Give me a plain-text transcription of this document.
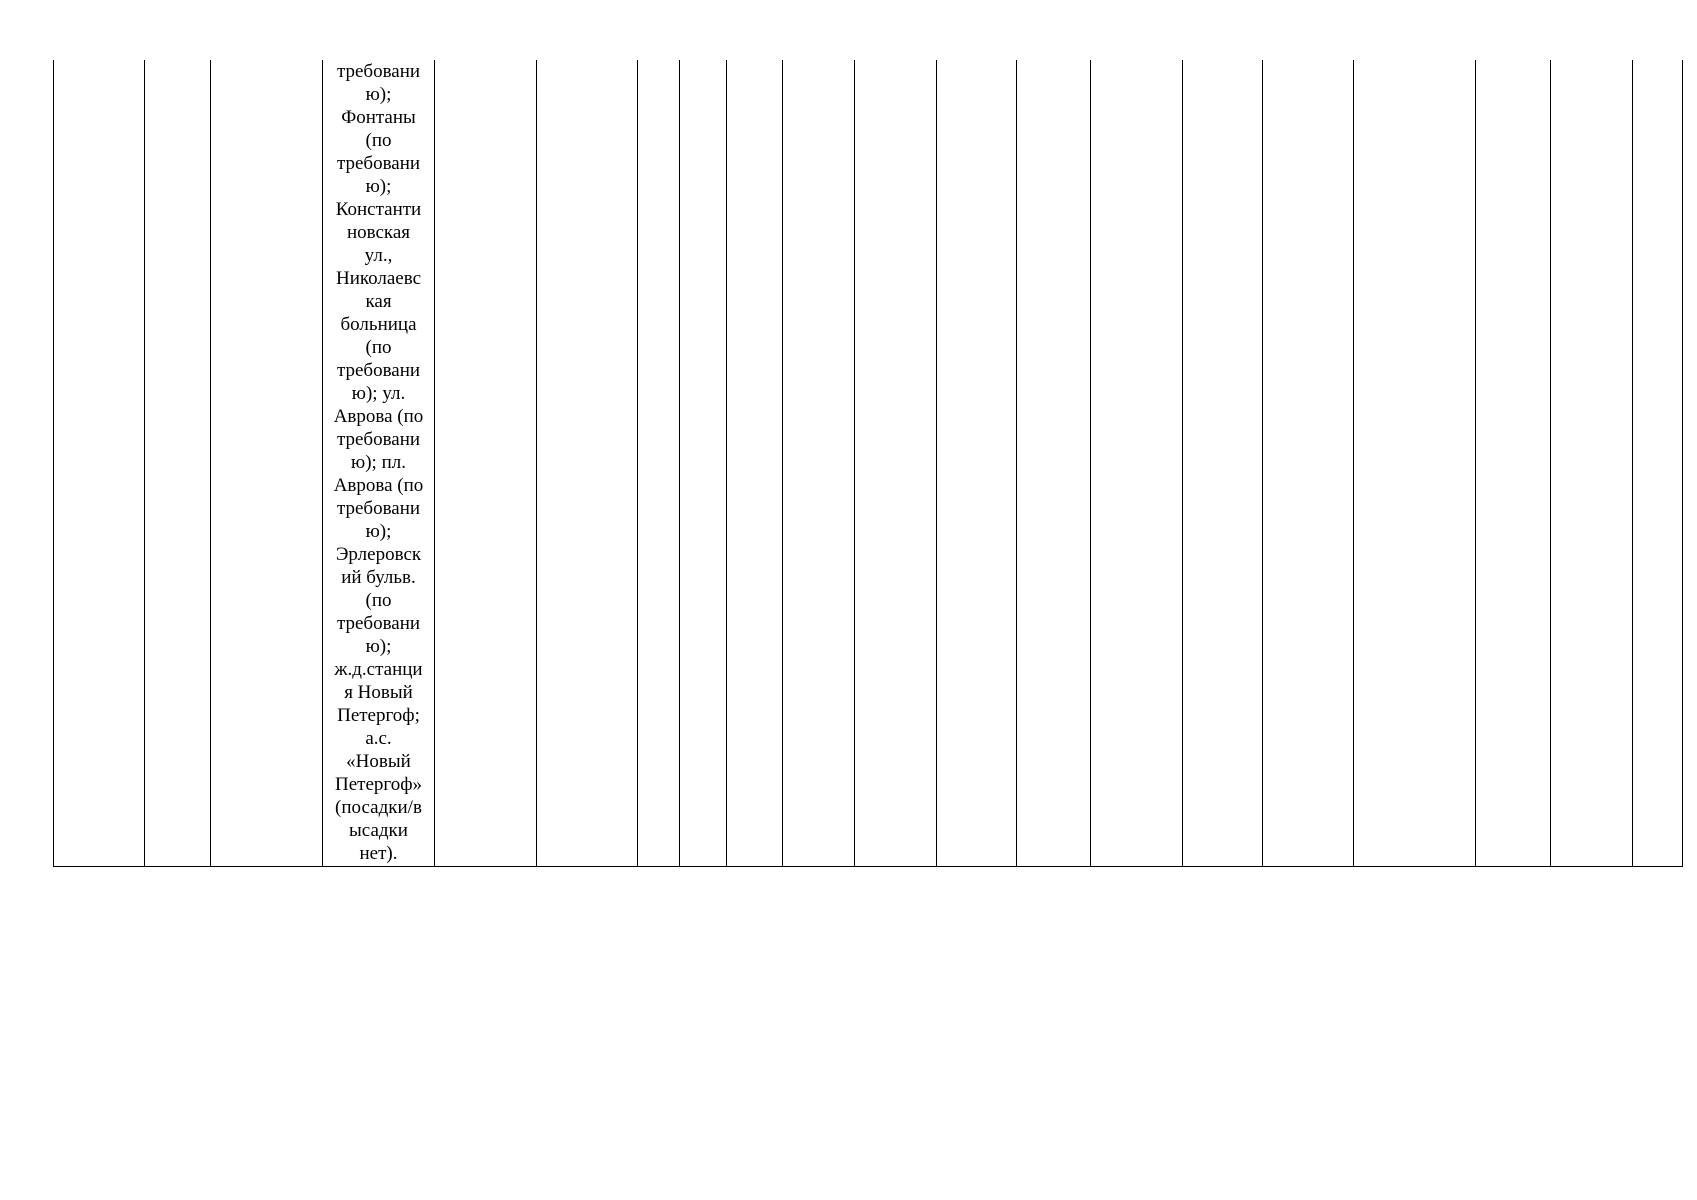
требовани
ю);
Фонтаны
(по
требовани
ю);
Константи
новская
ул.,
Николаевс
кая
больница
(по
требовани
ю); ул.
Аврова (по
требовани
ю); пл.
Аврова (по
требовани
ю);
Эрлеровск
ий бульв.
(по
требовани
ю);
ж.д.станци
я Новый
Петергоф;
а.с.
«Новый
Петергоф»
(посадки/в
ысадки
нет).
